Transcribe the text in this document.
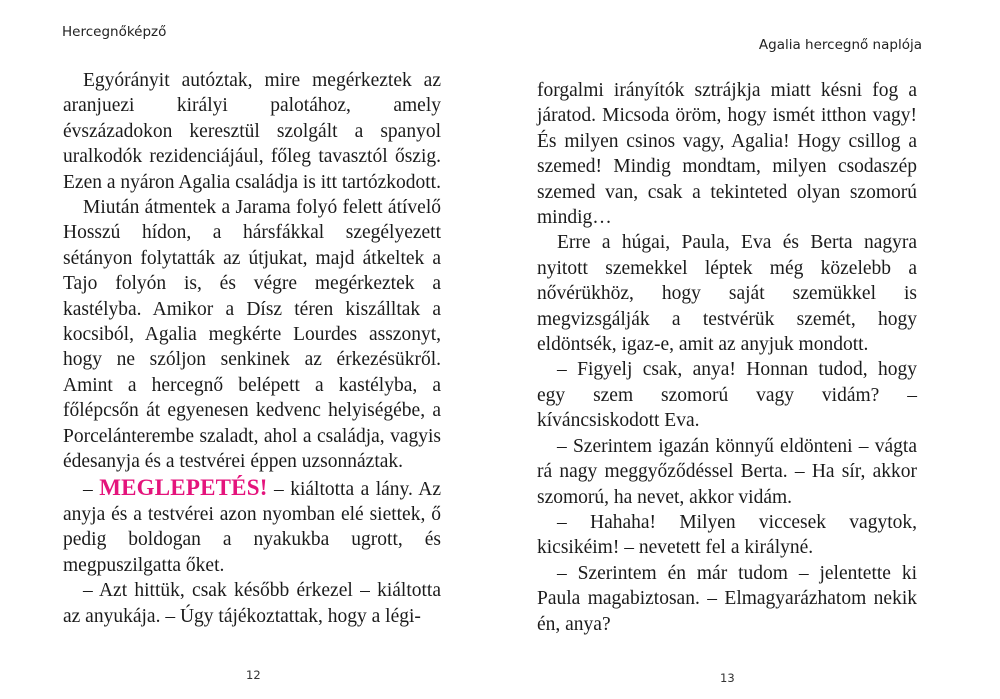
Hercegnőképző

Egyórányit autóztak, mire megérkeztek az aranjuezi királyi palotához, amely évszázadokon keresztül szolgált a spanyol uralkodók rezidenciájául, főleg tavasztól őszig. Ezen a nyáron Agalia családja is itt tartózkodott.

Miután átmentek a Jarama folyó felett átívelő Hosszú hídon, a hársfákkal szegélyezett sétányon folytatták az útjukat, majd átkeltek a Tajo folyón is, és végre megérkeztek a kastélyba. Amikor a Dísz téren kiszálltak a kocsiból, Agalia megkérte Lourdes asszonyt, hogy ne szóljon senkinek az érkezésükről. Amint a hercegnő belépett a kastélyba, a főlépcsőn át egyenesen kedvenc helyiségébe, a Porcelánterembe szaladt, ahol a családja, vagyis édesanyja és a testvérei éppen uzsonnáztak.

– MEGLEPETÉS! – kiáltotta a lány. Az anyja és a testvérei azon nyomban elé siettek, ő pedig boldogan a nyakukba ugrott, és megpuszilgatta őket.

– Azt hittük, csak később érkezel – kiáltotta az anyukája. – Úgy tájékoztattak, hogy a légi-

12
Agalia hercegnő naplója

forgalmi irányítók sztrájkja miatt késni fog a járatod. Micsoda öröm, hogy ismét itthon vagy! És milyen csinos vagy, Agalia! Hogy csillog a szemed! Mindig mondtam, milyen csodaszép szemed van, csak a tekinteted olyan szomorú mindig…

Erre a húgai, Paula, Eva és Berta nagyra nyitott szemekkel léptek még közelebb a nővérükhöz, hogy saját szemükkel is megvizsgálják a testvérük szemét, hogy eldöntsék, igaz-e, amit az anyjuk mondott.

– Figyelj csak, anya! Honnan tudod, hogy egy szem szomorú vagy vidám? – kíváncsiskodott Eva.

– Szerintem igazán könnyű eldönteni – vágta rá nagy meggyőződéssel Berta. – Ha sír, akkor szomorú, ha nevet, akkor vidám.

– Hahaha! Milyen viccesek vagytok, kicsikéim! – nevetett fel a királyné.

– Szerintem én már tudom – jelentette ki Paula magabiztosan. – Elmagyarázhatom nekik én, anya?

13
